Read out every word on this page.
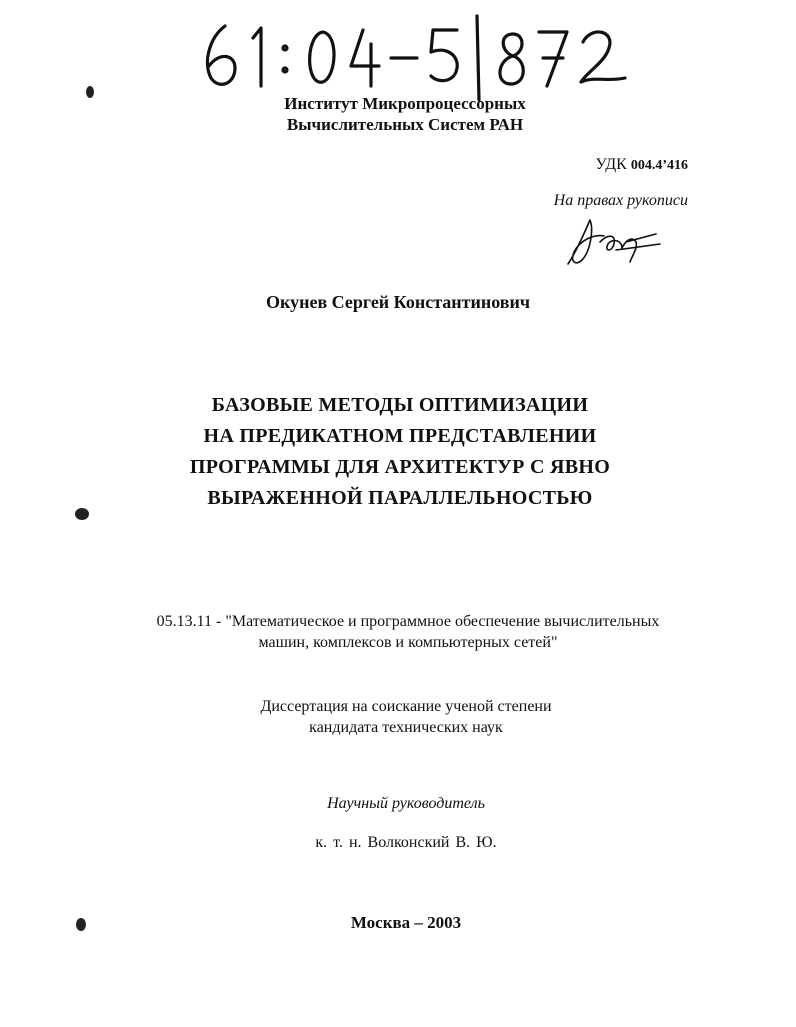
Институт Микропроцессорных
Вычислительных Систем РАН
УДК 004.4’416
На правах рукописи
Окунев Сергей Константинович
БАЗОВЫЕ МЕТОДЫ ОПТИМИЗАЦИИ
НА ПРЕДИКАТНОМ ПРЕДСТАВЛЕНИИ
ПРОГРАММЫ ДЛЯ АРХИТЕКТУР С ЯВНО
ВЫРАЖЕННОЙ ПАРАЛЛЕЛЬНОСТЬЮ
05.13.11 - "Математическое и программное обеспечение вычислительных
машин, комплексов и компьютерных сетей"
Диссертация на соискание ученой степени
кандидата технических наук
Научный руководитель
к. т. н. Волконский В. Ю.
Москва – 2003
